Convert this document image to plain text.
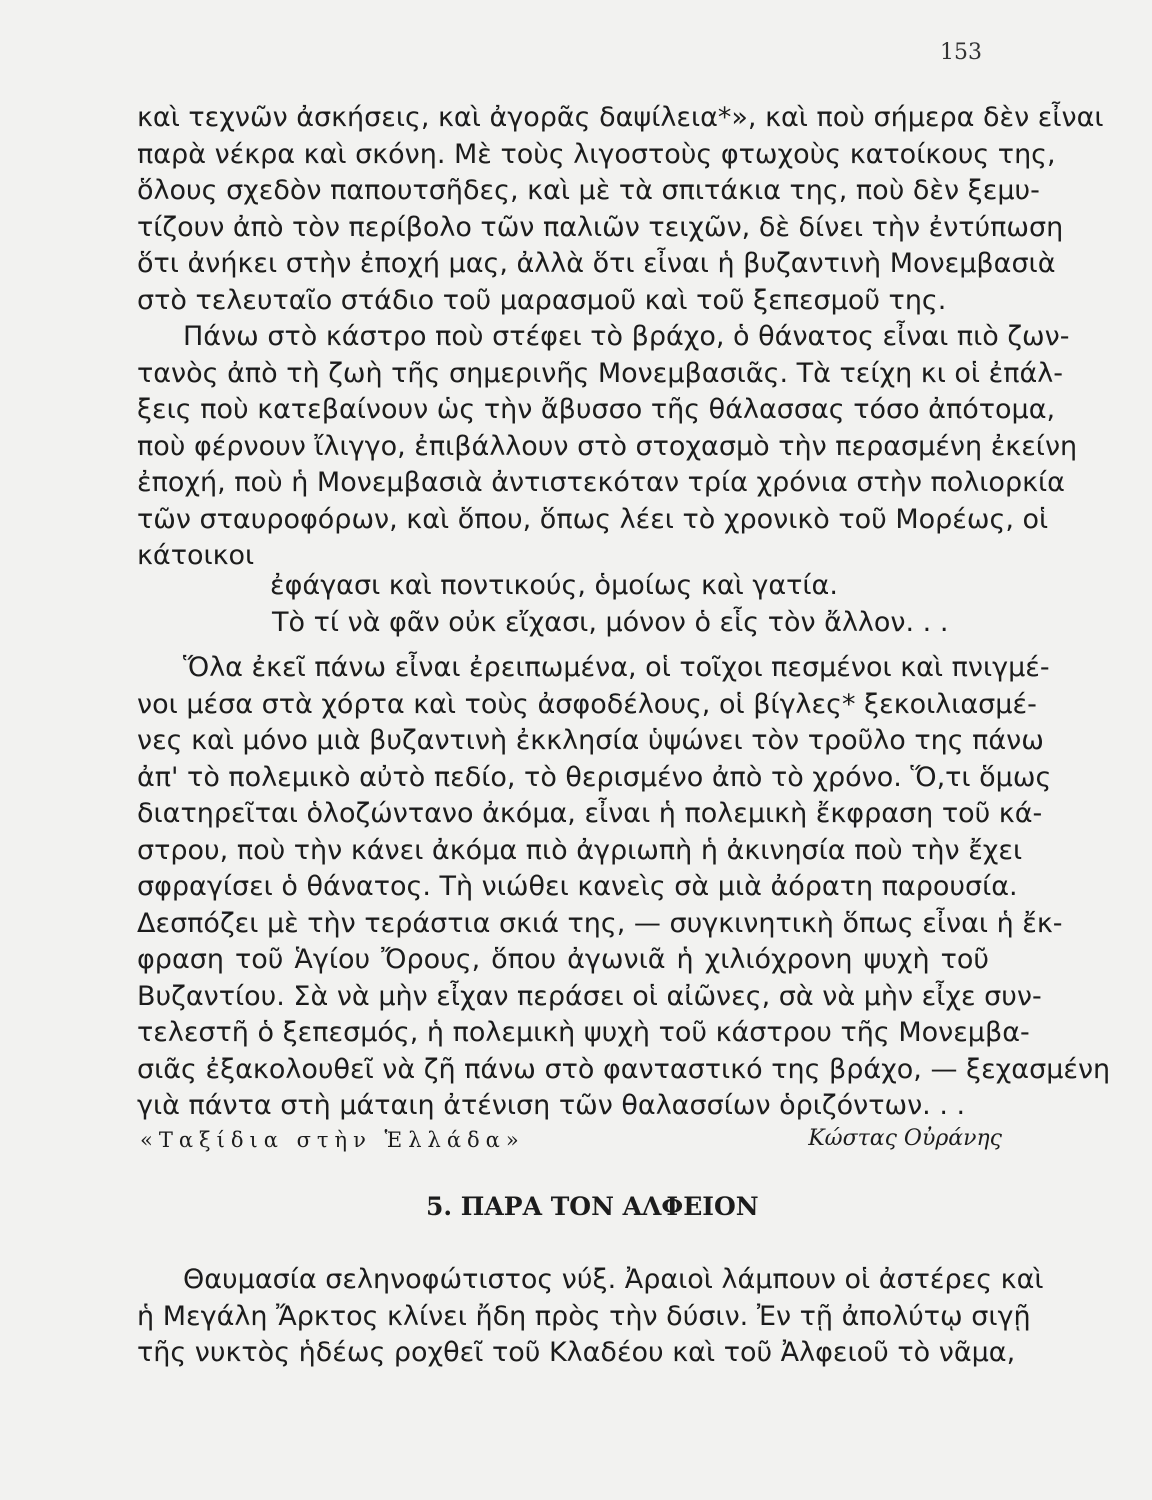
153
καὶ τεχνῶν ἀσκήσεις, καὶ ἀγορᾶς δαψίλεια*», καὶ ποὺ σήμερα δὲν εἶναι
παρὰ νέκρα καὶ σκόνη. Μὲ τοὺς λιγοστοὺς φτωχοὺς κατοίκους της,
ὅλους σχεδὸν παπουτσῆδες, καὶ μὲ τὰ σπιτάκια της, ποὺ δὲν ξεμυ-
τίζουν ἀπὸ τὸν περίβολο τῶν παλιῶν τειχῶν, δὲ δίνει τὴν ἐντύπωση
ὅτι ἀνήκει στὴν ἐποχή μας, ἀλλὰ ὅτι εἶναι ἡ βυζαντινὴ Μονεμβασιὰ
στὸ τελευταῖο στάδιο τοῦ μαρασμοῦ καὶ τοῦ ξεπεσμοῦ της.
Πάνω στὸ κάστρο ποὺ στέφει τὸ βράχο, ὁ θάνατος εἶναι πιὸ ζων-
τανὸς ἀπὸ τὴ ζωὴ τῆς σημερινῆς Μονεμβασιᾶς. Τὰ τείχη κι οἱ ἐπάλ-
ξεις ποὺ κατεβαίνουν ὡς τὴν ἄβυσσο τῆς θάλασσας τόσο ἀπότομα,
ποὺ φέρνουν ἴλιγγο, ἐπιβάλλουν στὸ στοχασμὸ τὴν περασμένη ἐκείνη
ἐποχή, ποὺ ἡ Μονεμβασιὰ ἀντιστεκόταν τρία χρόνια στὴν πολιορκία
τῶν σταυροφόρων, καὶ ὅπου, ὅπως λέει τὸ χρονικὸ τοῦ Μορέως, οἱ
κάτοικοι
ἐφάγασι καὶ ποντικούς, ὁμοίως καὶ γατία.
Τὸ τί νὰ φᾶν οὐκ εἴχασι, μόνον ὁ εἷς τὸν ἄλλον. . .
Ὅλα ἐκεῖ πάνω εἶναι ἐρειπωμένα, οἱ τοῖχοι πεσμένοι καὶ πνιγμέ-
νοι μέσα στὰ χόρτα καὶ τοὺς ἀσφοδέλους, οἱ βίγλες* ξεκοιλιασμέ-
νες καὶ μόνο μιὰ βυζαντινὴ ἐκκλησία ὑψώνει τὸν τροῦλο της πάνω
ἀπ' τὸ πολεμικὸ αὐτὸ πεδίο, τὸ θερισμένο ἀπὸ τὸ χρόνο. Ὅ,τι ὅμως
διατηρεῖται ὁλοζώντανο ἀκόμα, εἶναι ἡ πολεμικὴ ἔκφραση τοῦ κά-
στρου, ποὺ τὴν κάνει ἀκόμα πιὸ ἀγριωπὴ ἡ ἀκινησία ποὺ τὴν ἔχει
σφραγίσει ὁ θάνατος. Τὴ νιώθει κανεὶς σὰ μιὰ ἀόρατη παρουσία.
Δεσπόζει μὲ τὴν τεράστια σκιά της, — συγκινητικὴ ὅπως εἶναι ἡ ἔκ-
φραση τοῦ Ἁγίου Ὄρους, ὅπου ἀγωνιᾶ ἡ χιλιόχρονη ψυχὴ τοῦ
Βυζαντίου. Σὰ νὰ μὴν εἶχαν περάσει οἱ αἰῶνες, σὰ νὰ μὴν εἶχε συν-
τελεστῆ ὁ ξεπεσμός, ἡ πολεμικὴ ψυχὴ τοῦ κάστρου τῆς Μονεμβα-
σιᾶς ἐξακολουθεῖ νὰ ζῆ πάνω στὸ φανταστικό της βράχο, — ξεχασμένη
γιὰ πάντα στὴ μάταιη ἀτένιση τῶν θαλασσίων ὁριζόντων. . .
«Ταξίδια στὴν Ἑλλάδα»	Κώστας Οὐράνης
5. ΠΑΡΑ ΤΟΝ ΑΛΦΕΙΟΝ
Θαυμασία σεληνοφώτιστος νύξ. Ἀραιοὶ λάμπουν οἱ ἀστέρες καὶ
ἡ Μεγάλη Ἄρκτος κλίνει ἤδη πρὸς τὴν δύσιν. Ἐν τῇ ἀπολύτῳ σιγῇ
τῆς νυκτὸς ἡδέως ροχθεῖ τοῦ Κλαδέου καὶ τοῦ Ἀλφειοῦ τὸ νᾶμα,
